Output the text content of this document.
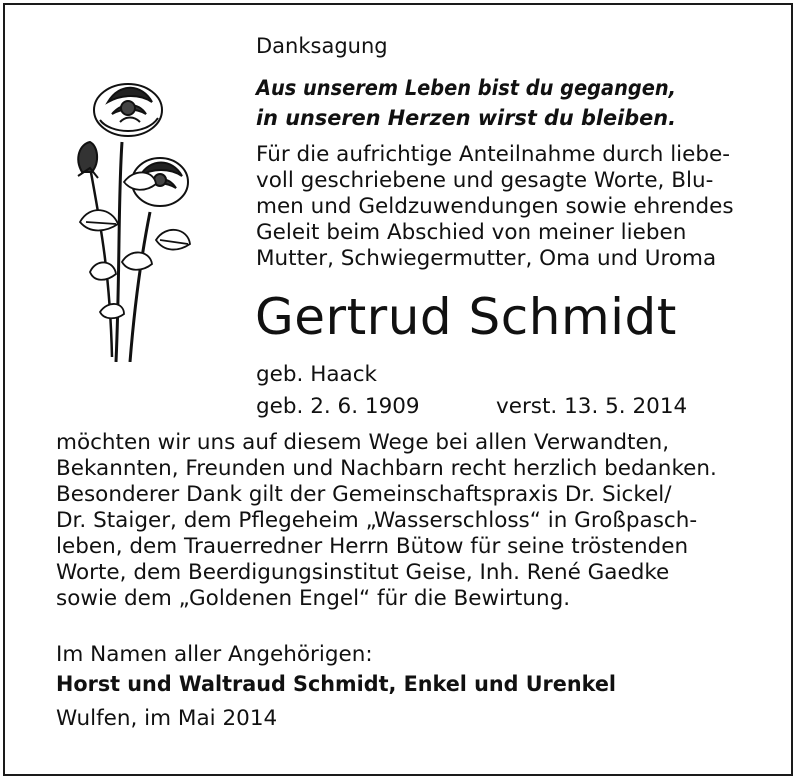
Danksagung
Aus unserem Leben bist du gegangen,
in unseren Herzen wirst du bleiben.
Für die aufrichtige Anteilnahme durch liebe-
voll geschriebene und gesagte Worte, Blu-
men und Geldzuwendungen sowie ehrendes
Geleit beim Abschied von meiner lieben
Mutter, Schwiegermutter, Oma und Uroma
Gertrud Schmidt
geb. Haack
geb. 2. 6. 1909	verst. 13. 5. 2014
möchten wir uns auf diesem Wege bei allen Verwandten,
Bekannten, Freunden und Nachbarn recht herzlich bedanken.
Besonderer Dank gilt der Gemeinschaftspraxis Dr. Sickel/
Dr. Staiger, dem Pflegeheim „Wasserschloss“ in Großpasch-
leben, dem Trauerredner Herrn Bütow für seine tröstenden
Worte, dem Beerdigungsinstitut Geise, Inh. René Gaedke
sowie dem „Goldenen Engel“ für die Bewirtung.
Im Namen aller Angehörigen:
Horst und Waltraud Schmidt, Enkel und Urenkel
Wulfen, im Mai 2014
